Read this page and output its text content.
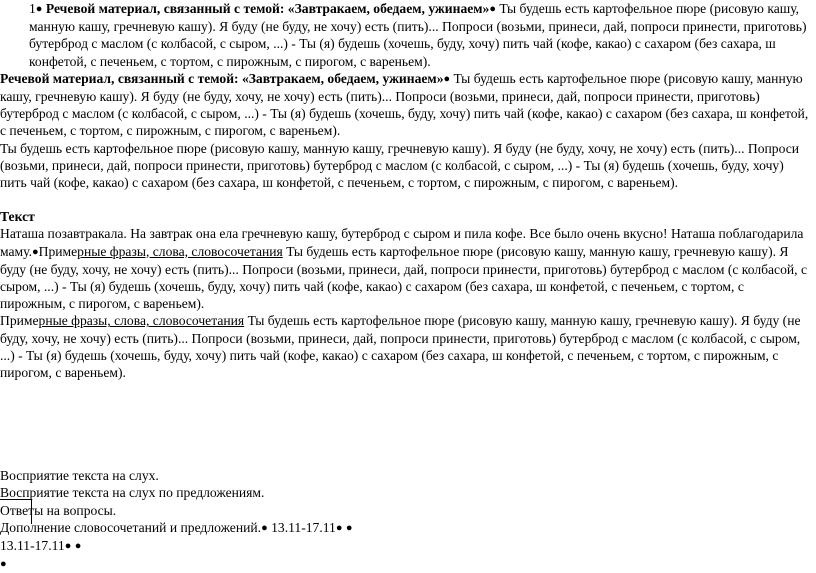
1● Речевой материал, связанный с темой: «Завтракаем, обедаем, ужинаем»● Ты будешь есть картофельное пюре (рисовую кашу, манную кашу, гречневую кашу). Я буду (не буду, не хочу) есть (пить)... Попроси (возьми, принеси, дай, попроси принести, приготовь) бутерброд с маслом (с колбасой, с сыром, ...) - Ты (я) будешь (хочешь, буду, хочу) пить чай (кофе, какао) с сахаром (без сахара, ш конфетой, с печеньем, с тортом, с пирожным, с пирогом, с вареньем).

Речевой материал, связанный с темой: «Завтракаем, обедаем, ужинаем»● Ты будешь есть картофельное пюре (рисовую кашу, манную кашу, гречневую кашу). Я буду (не буду, хочу, не хочу) есть (пить)... Попроси (возьми, принеси, дай, попроси принести, приготовь) бутерброд с маслом (с колбасой, с сыром, ...) - Ты (я) будешь (хочешь, буду, хочу) пить чай (кофе, какао) с сахаром (без сахара, ш конфетой, с печеньем, с тортом, с пирожным, с пирогом, с вареньем).

Ты будешь есть картофельное пюре (рисовую кашу, манную кашу, гречневую кашу). Я буду (не буду, хочу, не хочу) есть (пить)... Попроси (возьми, принеси, дай, попроси принести, приготовь) бутерброд с маслом (с колбасой, с сыром, ...) - Ты (я) будешь (хочешь, буду, хочу) пить чай (кофе, какао) с сахаром (без сахара, ш конфетой, с печеньем, с тортом, с пирожным, с пирогом, с вареньем).

Текст

Наташа позавтракала. На завтрак она ела гречневую кашу, бутерброд с сыром и пила кофе. Все было очень вкусно! Наташа поблагодарила маму.●Примерные фразы, слова, словосочетания Ты будешь есть картофельное пюре (рисовую кашу, манную кашу, гречневую кашу). Я буду (не буду, хочу, не хочу) есть (пить)... Попроси (возьми, принеси, дай, попроси принести, приготовь) бутерброд с маслом (с колбасой, с сыром, ...) - Ты (я) будешь (хочешь, буду, хочу) пить чай (кофе, какао) с сахаром (без сахара, ш конфетой, с печеньем, с тортом, с пирожным, с пирогом, с вареньем).

Примерные фразы, слова, словосочетания Ты будешь есть картофельное пюре (рисовую кашу, манную кашу, гречневую кашу). Я буду (не буду, хочу, не хочу) есть (пить)... Попроси (возьми, принеси, дай, попроси принести, приготовь) бутерброд с маслом (с колбасой, с сыром, ...) - Ты (я) будешь (хочешь, буду, хочу) пить чай (кофе, какао) с сахаром (без сахара, ш конфетой, с печеньем, с тортом, с пирожным, с пирогом, с вареньем).

Восприятие текста на слух.

Восприятие текста на слух по предложениям.

Ответы на вопросы.

Дополнение словосочетаний и предложений.● 13.11-17.11● ●

13.11-17.11● ●

●
